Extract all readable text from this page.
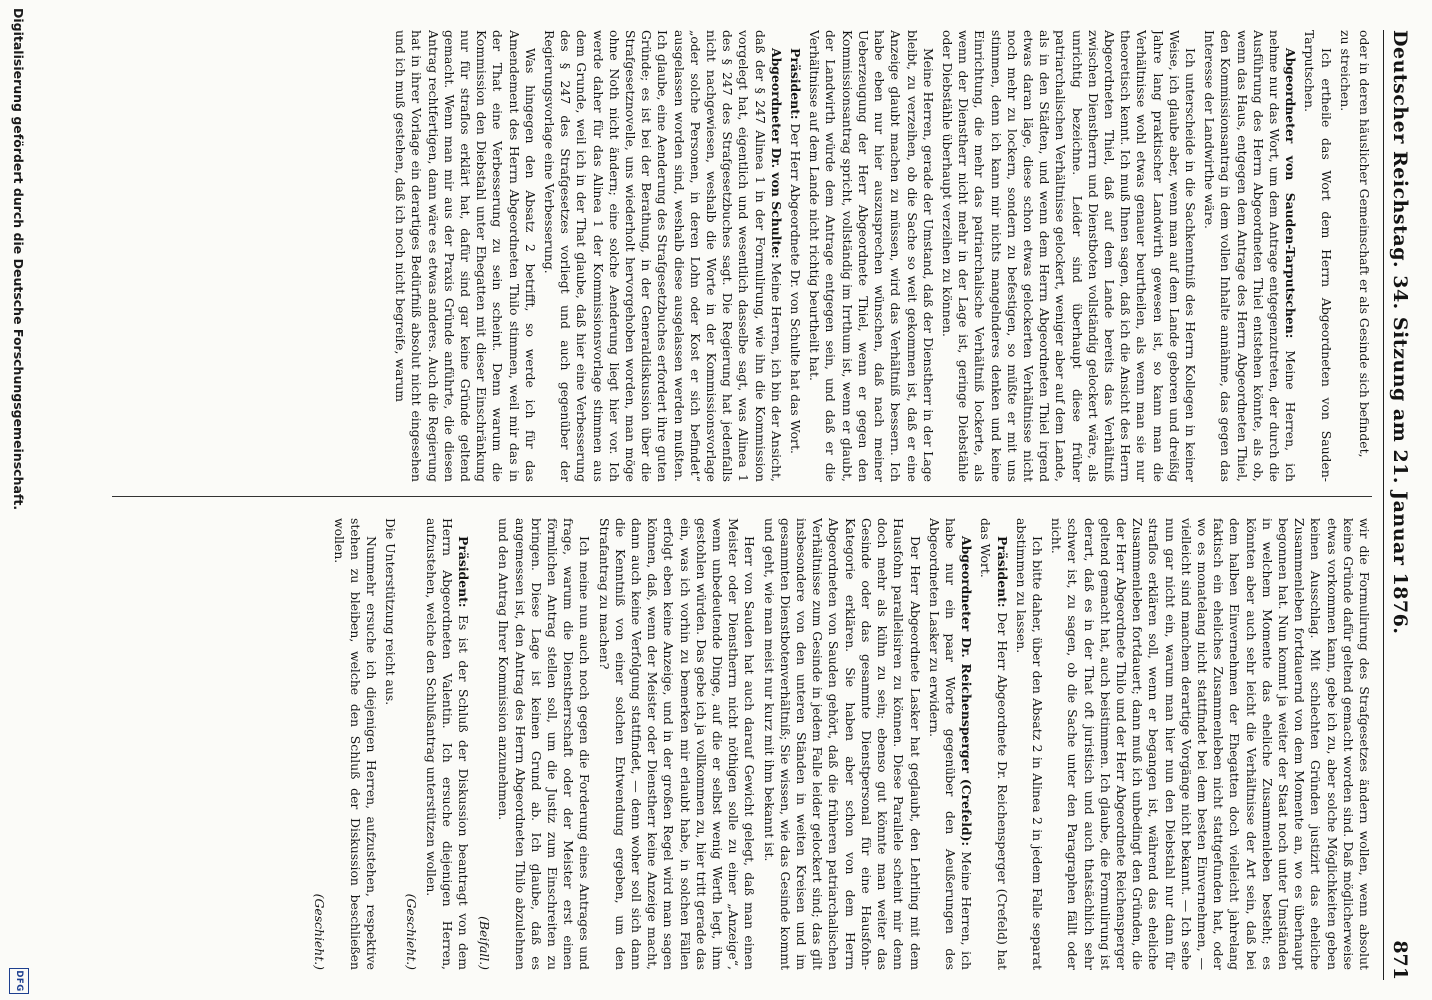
Deutscher Reichstag. 34. Sitzung am 21. Januar 1876.
871

oder in deren häuslicher Gemeinschaft er als Gesinde sich befindet,

zu streichen.

Ich ertheile das Wort dem Herrn Abgeordneten von Sauden-Tarputschen.

Abgeordneter von Sauden-Tarputschen: Meine Herren, ich nehme nur das Wort, um dem Antrage entgegenzutreten, der durch die Ausführung des Herrn Abgeordneten Thiel entstehen könnte, als ob, wenn das Haus, entgegen dem Antrage des Herrn Abgeordneten Thiel, den Kommissionsantrag in dem vollen Inhalte annähme, das gegen das Interesse der Landwirthe wäre.

Ich unterscheide in die Sachkenntniß des Herrn Kollegen in keiner Weise, ich glaube aber, wenn man auf dem Lande geboren und dreißig Jahre lang praktischer Landwirth gewesen ist, so kann man die Verhältnisse wohl etwas genauer beurtheilen, als wenn man sie nur theoretisch kennt. Ich muß Ihnen sagen, daß ich die Ansicht des Herrn Abgeordneten Thiel, daß auf dem Lande bereits das Verhältniß zwischen Dienstherrn und Dienstboten vollständig gelockert wäre, als unrichtig bezeichne. Leider sind überhaupt diese früher patriarchalischen Verhältnisse gelockert, weniger aber auf dem Lande, als in den Städten, und wenn dem Herrn Abgeordneten Thiel irgend etwas daran läge, diese schon etwas gelockerten Verhältnisse nicht noch mehr zu lockern, sondern zu befestigen, so müßte er mit uns stimmen, denn ich kann mir nichts mangelnderes denken und keine Einrichtung, die mehr das patriarchalische Verhältniß lockerte, als wenn der Dienstherr nicht mehr in der Lage ist, geringe Diebstähle oder Diebstähle überhaupt verzeihen zu können.

Meine Herren, gerade der Umstand, daß der Dienstherr in der Lage bleibt, zu verzeihen, ob die Sache so weit gekommen ist, daß er eine Anzeige glaubt machen zu müssen, wird das Verhältniß bessern. Ich habe eben nur hier auszusprechen wünschen, daß nach meiner Ueberzeugung der Herr Abgeordnete Thiel, wenn er gegen den Kommissionsantrag spricht, vollständig im Irrthum ist, wenn er glaubt, der Landwirth würde dem Antrage entgegen sein, und daß er die Verhältnisse auf dem Lande nicht richtig beurtheilt hat.

Präsident: Der Herr Abgeordnete Dr. von Schulte hat das Wort.

Abgeordneter Dr. von Schulte: Meine Herren, ich bin der Ansicht, daß der § 247 Alinea 1 in der Formulirung, wie ihn die Kommission vorgelegt hat, eigentlich und wesentlich dasselbe sagt, was Alinea 1 des § 247 des Strafgesetzbuches sagt. Die Regierung hat jedenfalls nicht nachgewiesen, weshalb die Worte in der Kommissionsvorlage „oder solche Personen, in deren Lohn oder Kost er sich befindet“ ausgelassen worden sind, weshalb diese ausgelassen werden mußten. Ich glaube, eine Aenderung des Strafgesetzbuches erfordert ihre guten Gründe; es ist bei der Berathung, in der Generaldiskussion über die Strafgesetznovelle, uns wiederholt hervorgehoben worden, man möge ohne Noth nicht ändern; eine solche Aenderung liegt hier vor. Ich werde daher für das Alinea 1 der Kommissionsvorlage stimmen aus dem Grunde, weil ich in der That glaube, daß hier eine Verbesserung des § 247 des Strafgesetzes vorliegt und auch gegenüber der Regierungsvorlage eine Verbesserung.

Was hingegen den Absatz 2 betrifft, so werde ich für das Amendement des Herrn Abgeordneten Thilo stimmen, weil mir das in der That eine Verbesserung zu sein scheint. Denn warum die Kommission den Diebstahl unter Ehegatten mit dieser Einschränkung nur für straflos erklärt hat, dafür sind gar keine Gründe geltend gemacht. Wenn man mir aus der Praxis Gründe anführte, die diesen Antrag rechtfertigen, dann wäre es etwas anderes. Auch die Regierung hat in ihrer Vorlage ein derartiges Bedürfniß absolut nicht eingesehen und ich muß gestehen, daß ich noch nicht begreife, warum

wir die Formulirung des Strafgesetzes ändern wollen, wenn absolut keine Gründe dafür geltend gemacht worden sind. Daß möglicherweise etwas vorkommen kann, gebe ich zu, aber solche Möglichkeiten geben keinen Ausschlag. Mit schlechten Gründen justizirt das eheliche Zusammenleben fortdauernd von dem Momente an, wo es überhaupt begonnen hat. Nun kommt ja weiter der Staat noch unter Umständen in welchem Momente das eheliche Zusammenleben besteht; es könnten aber auch sehr leicht die Verhältnisse der Art sein, daß bei dem halben Einvernehmen der Ehegatten doch vielleicht jahrelang faktisch ein eheliches Zusammenleben nicht stattgefunden hat, oder wo es monatelang nicht stattfindet bei dem besten Einvernehmen, — vielleicht sind manchem derartige Vorgänge nicht bekannt. — Ich sehe nun gar nicht ein, warum man hier nun den Diebstahl nur dann für straflos erklären soll, wenn er begangen ist, während das eheliche Zusammenleben fortdauert; dann muß ich unbedingt den Gründen, die der Herr Abgeordnete Thilo und der Herr Abgeordnete Reichensperger geltend gemacht hat, auch beistimmen. Ich glaube, die Formulirung ist derart, daß es in der That oft juristisch und auch thatsächlich sehr schwer ist, zu sagen, ob die Sache unter den Paragraphen fällt oder nicht.

Ich bitte daher, über den Absatz 2 in Alinea 2 in jedem Falle separat abstimmen zu lassen.

Präsident: Der Herr Abgeordnete Dr. Reichensperger (Crefeld) hat das Wort.

Abgeordneter Dr. Reichensperger (Crefeld): Meine Herren, ich habe nur ein paar Worte gegenüber den Aeußerungen des Abgeordneten Lasker zu erwidern.

Der Herr Abgeordnete Lasker hat geglaubt, den Lehrling mit dem Hausfohn parallelisiren zu können. Diese Parallele scheint mir denn doch mehr als kühn zu sein; ebenso gut könnte man weiter das Gesinde oder das gesammte Dienstpersonal für eine Hausfohn-Kategorie erklären. Sie haben aber schon von dem Herrn Abgeordneten von Sauden gehört, daß die früheren patriarchalischen Verhältnisse zum Gesinde in jedem Falle leider gelockert sind; das gilt insbesondere von den unteren Ständen in weiten Kreisen und im gesammten Dienstbotenverhältniß; Sie wissen, wie das Gesinde kommt und geht, wie man meist nur kurz mit ihm bekannt ist.

Herr von Sauden hat auch darauf Gewicht gelegt, daß man einen Meister oder Dienstherrn nicht nöthigen solle zu einer „Anzeige“, wenn unbedeutende Dinge, auf die er selbst wenig Werth legt, ihm gestohlen würden. Das gebe ich ja vollkommen zu, hier tritt gerade das ein, was ich vorhin zu bemerken mir erlaubt habe, in solchen Fällen erfolgt eben keine Anzeige, und in der großen Regel wird man sagen können, daß, wenn der Meister oder Dienstherr keine Anzeige macht, dann auch keine Verfolgung stattfindet, — denn woher soll sich dann die Kenntniß von einer solchen Entwendung ergeben, um den Strafantrag zu machen?

Ich meine nun auch noch gegen die Forderung eines Antrages und frage, warum die Dienstherrschaft oder der Meister erst einen förmlichen Antrag stellen soll, um die Justiz zum Einschreiten zu bringen. Diese Lage ist keinen Grund ab. Ich glaube, daß es angemessen ist, den Antrag des Herrn Abgeordneten Thilo abzulehnen und den Antrag Ihrer Kommission anzunehmen.

(Beifall.)

Präsident: Es ist der Schluß der Diskussion beantragt von dem Herrn Abgeordneten Valentin. Ich ersuche diejenigen Herren, aufzustehen, welche den Schlußantrag unterstützen wollen.

(Geschieht.)

Die Unterstützung reicht aus.

Nunmehr ersuche ich diejenigen Herren, aufzustehen, respektive stehen zu bleiben, welche den Schluß der Diskussion beschließen wollen.

(Geschieht.)

Digitalisierung gefördert durch die Deutsche Forschungsgemeinschaft.
DFG
